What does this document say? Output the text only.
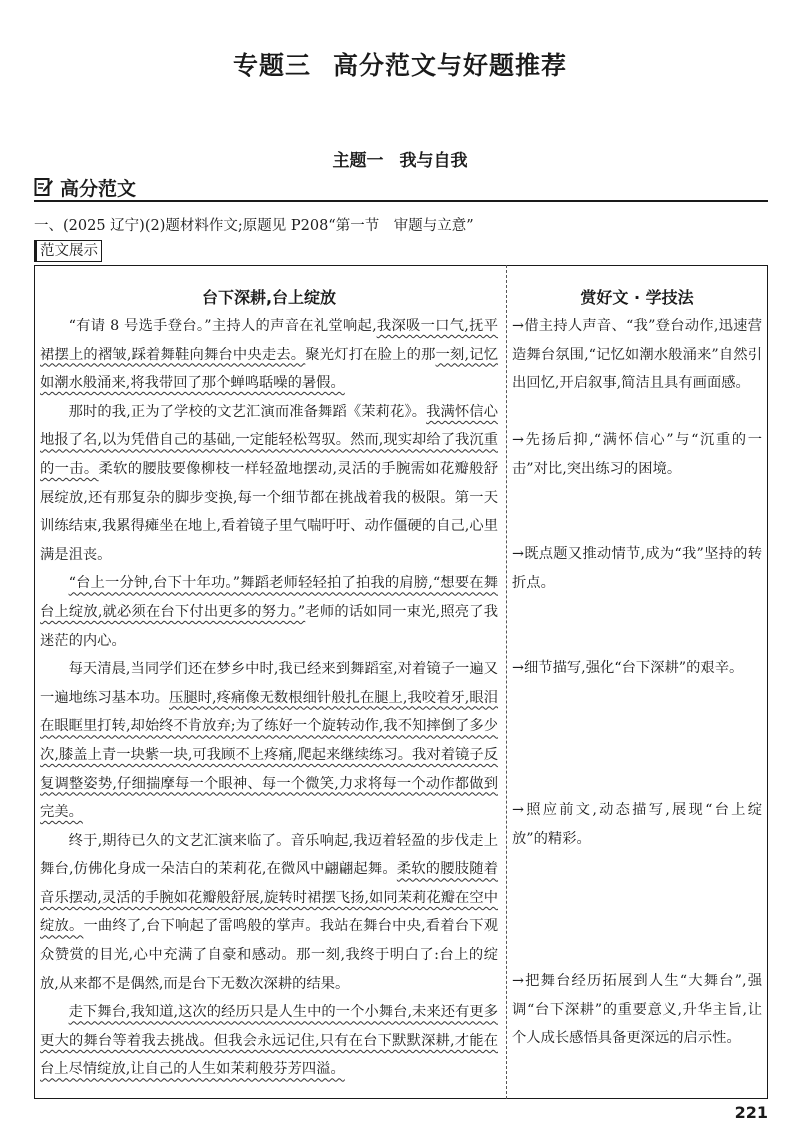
专题三 高分范文与好题推荐
主题一 我与自我
高分范文
一、(2025 辽宁)(2)题材料作文;原题见 P208“第一节　审题与立意”
范文展示
台下深耕,台上绽放

“有请 8 号选手登台。”主持人的声音在礼堂响起,我深吸一口气,抚平裙摆上的褶皱,踩着舞鞋向舞台中央走去。聚光灯打在脸上的那一刻,记忆如潮水般涌来,将我带回了那个蝉鸣聒噪的暑假。

那时的我,正为了学校的文艺汇演而准备舞蹈《茉莉花》。我满怀信心地报了名,以为凭借自己的基础,一定能轻松驾驭。然而,现实却给了我沉重的一击。柔软的腰肢要像柳枝一样轻盈地摆动,灵活的手腕需如花瓣般舒展绽放,还有那复杂的脚步变换,每一个细节都在挑战着我的极限。第一天训练结束,我累得瘫坐在地上,看着镜子里气喘吁吁、动作僵硬的自己,心里满是沮丧。

“台上一分钟,台下十年功。”舞蹈老师轻轻拍了拍我的肩膀,“想要在舞台上绽放,就必须在台下付出更多的努力。”老师的话如同一束光,照亮了我迷茫的内心。

每天清晨,当同学们还在梦乡中时,我已经来到舞蹈室,对着镜子一遍又一遍地练习基本功。压腿时,疼痛像无数根细针般扎在腿上,我咬着牙,眼泪在眼眶里打转,却始终不肯放弃;为了练好一个旋转动作,我不知摔倒了多少次,膝盖上青一块紫一块,可我顾不上疼痛,爬起来继续练习。我对着镜子反复调整姿势,仔细揣摩每一个眼神、每一个微笑,力求将每一个动作都做到完美。

终于,期待已久的文艺汇演来临了。音乐响起,我迈着轻盈的步伐走上舞台,仿佛化身成一朵洁白的茉莉花,在微风中翩翩起舞。柔软的腰肢随着音乐摆动,灵活的手腕如花瓣般舒展,旋转时裙摆飞扬,如同茉莉花瓣在空中绽放。一曲终了,台下响起了雷鸣般的掌声。我站在舞台中央,看着台下观众赞赏的目光,心中充满了自豪和感动。那一刻,我终于明白了:台上的绽放,从来都不是偶然,而是台下无数次深耕的结果。

走下舞台,我知道,这次的经历只是人生中的一个小舞台,未来还有更多更大的舞台等着我去挑战。但我会永远记住,只有在台下默默深耕,才能在台上尽情绽放,让自己的人生如茉莉般芬芳四溢。

赏好文 · 学技法

→借主持人声音、“我”登台动作,迅速营造舞台氛围,“记忆如潮水般涌来”自然引出回忆,开启叙事,简洁且具有画面感。

→先扬后抑,“满怀信心”与“沉重的一击”对比,突出练习的困境。

→既点题又推动情节,成为“我”坚持的转折点。

→细节描写,强化“台下深耕”的艰辛。

→照应前文,动态描写,展现“台上绽放”的精彩。

→把舞台经历拓展到人生“大舞台”,强调“台下深耕”的重要意义,升华主旨,让个人成长感悟具备更深远的启示性。

221
